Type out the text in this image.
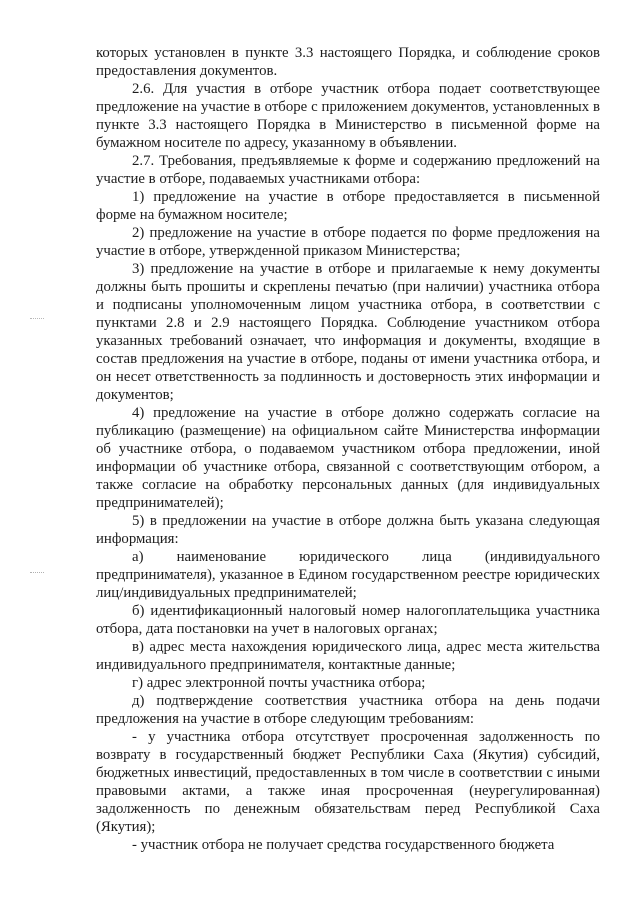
которых установлен в пункте 3.3 настоящего Порядка, и соблюдение сроков предоставления документов.

2.6. Для участия в отборе участник отбора подает соответствующее предложение на участие в отборе с приложением документов, установленных в пункте 3.3 настоящего Порядка в Министерство в письменной форме на бумажном носителе по адресу, указанному в объявлении.

2.7. Требования, предъявляемые к форме и содержанию предложений на участие в отборе, подаваемых участниками отбора:

1) предложение на участие в отборе предоставляется в письменной форме на бумажном носителе;

2) предложение на участие в отборе подается по форме предложения на участие в отборе, утвержденной приказом Министерства;

3) предложение на участие в отборе и прилагаемые к нему документы должны быть прошиты и скреплены печатью (при наличии) участника отбора и подписаны уполномоченным лицом участника отбора, в соответствии с пунктами 2.8 и 2.9 настоящего Порядка. Соблюдение участником отбора указанных требований означает, что информация и документы, входящие в состав предложения на участие в отборе, поданы от имени участника отбора, и он несет ответственность за подлинность и достоверность этих информации и документов;

4) предложение на участие в отборе должно содержать согласие на публикацию (размещение) на официальном сайте Министерства информации об участнике отбора, о подаваемом участником отбора предложении, иной информации об участнике отбора, связанной с соответствующим отбором, а также согласие на обработку персональных данных (для индивидуальных предпринимателей);

5) в предложении на участие в отборе должна быть указана следующая информация:

а) наименование юридического лица (индивидуального предпринимателя), указанное в Едином государственном реестре юридических лиц/индивидуальных предпринимателей;

б) идентификационный налоговый номер налогоплательщика участника отбора, дата постановки на учет в налоговых органах;

в) адрес места нахождения юридического лица, адрес места жительства индивидуального предпринимателя, контактные данные;

г) адрес электронной почты участника отбора;

д) подтверждение соответствия участника отбора на день подачи предложения на участие в отборе следующим требованиям:

- у участника отбора отсутствует просроченная задолженность по возврату в государственный бюджет Республики Саха (Якутия) субсидий, бюджетных инвестиций, предоставленных в том числе в соответствии с иными правовыми актами, а также иная просроченная (неурегулированная) задолженность по денежным обязательствам перед Республикой Саха (Якутия);

- участник отбора не получает средства государственного бюджета
